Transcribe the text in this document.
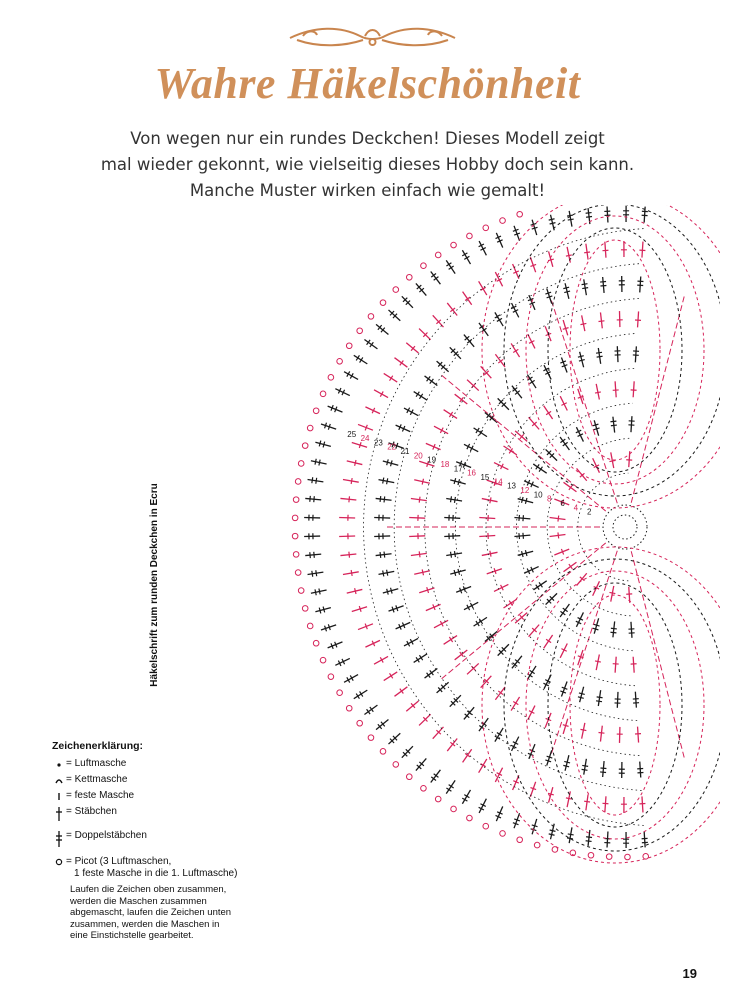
Wahre Häkelschönheit
Von wegen nur ein rundes Deckchen! Dieses Modell zeigt
mal wieder gekonnt, wie vielseitig dieses Hobby doch sein kann.
Manche Muster wirken einfach wie gemalt!
Häkelschrift zum runden Deckchen in Ecru	2
4
6
8
10
12
13
14
15
16
17
18
19
20
21
22
23
24
25
Zeichenerklärung:
= Luftmasche
= Kettmasche
= feste Masche
= Stäbchen
= Doppelstäbchen
= Picot (3 Luftmaschen,
1 feste Masche in die 1. Luftmasche)
Laufen die Zeichen oben zusammen,
werden die Maschen zusammen
abgemascht, laufen die Zeichen unten
zusammen, werden die Maschen in
eine Einstichstelle gearbeitet.
19
